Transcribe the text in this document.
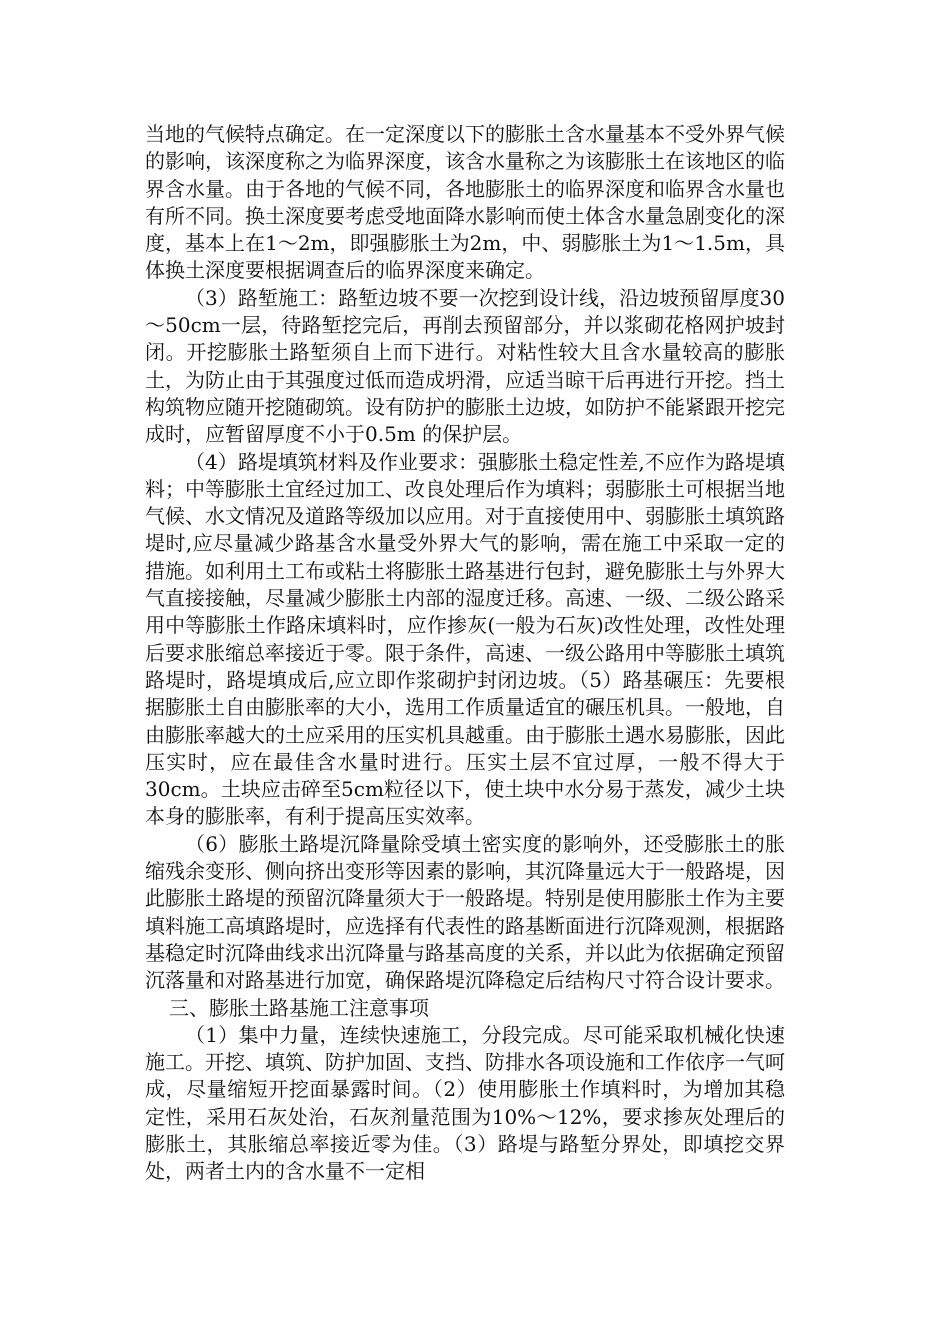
当地的气候特点确定。在一定深度以下的膨胀土含水量基本不受外界气候的影响，该深度称之为临界深度，该含水量称之为该膨胀土在该地区的临界含水量。由于各地的气候不同，各地膨胀土的临界深度和临界含水量也有所不同。换土深度要考虑受地面降水影响而使土体含水量急剧变化的深度，基本上在1～2m，即强膨胀土为2m，中、弱膨胀土为1～1.5m，具体换土深度要根据调查后的临界深度来确定。

（3）路堑施工：路堑边坡不要一次挖到设计线，沿边坡预留厚度30～50cm一层，待路堑挖完后，再削去预留部分，并以浆砌花格网护坡封闭。开挖膨胀土路堑须自上而下进行。对粘性较大且含水量较高的膨胀土，为防止由于其强度过低而造成坍滑，应适当晾干后再进行开挖。挡土构筑物应随开挖随砌筑。设有防护的膨胀土边坡，如防护不能紧跟开挖完成时，应暂留厚度不小于0.5m 的保护层。

（4）路堤填筑材料及作业要求：强膨胀土稳定性差,不应作为路堤填料；中等膨胀土宜经过加工、改良处理后作为填料；弱膨胀土可根据当地气候、水文情况及道路等级加以应用。对于直接使用中、弱膨胀土填筑路堤时,应尽量减少路基含水量受外界大气的影响，需在施工中采取一定的措施。如利用土工布或粘土将膨胀土路基进行包封，避免膨胀土与外界大气直接接触，尽量减少膨胀土内部的湿度迁移。高速、一级、二级公路采用中等膨胀土作路床填料时，应作掺灰(一般为石灰)改性处理，改性处理后要求胀缩总率接近于零。限于条件，高速、一级公路用中等膨胀土填筑路堤时，路堤填成后,应立即作浆砌护封闭边坡。（5）路基碾压：先要根据膨胀土自由膨胀率的大小，选用工作质量适宜的碾压机具。一般地，自由膨胀率越大的土应采用的压实机具越重。由于膨胀土遇水易膨胀，因此压实时，应在最佳含水量时进行。压实土层不宜过厚，一般不得大于30cm。土块应击碎至5cm粒径以下，使土块中水分易于蒸发，减少土块本身的膨胀率，有利于提高压实效率。

（6）膨胀土路堤沉降量除受填土密实度的影响外，还受膨胀土的胀缩残余变形、侧向挤出变形等因素的影响，其沉降量远大于一般路堤，因此膨胀土路堤的预留沉降量须大于一般路堤。特别是使用膨胀土作为主要填料施工高填路堤时，应选择有代表性的路基断面进行沉降观测，根据路基稳定时沉降曲线求出沉降量与路基高度的关系，并以此为依据确定预留沉落量和对路基进行加宽，确保路堤沉降稳定后结构尺寸符合设计要求。

三、膨胀土路基施工注意事项

（1）集中力量，连续快速施工，分段完成。尽可能采取机械化快速施工。开挖、填筑、防护加固、支挡、防排水各项设施和工作依序一气呵成，尽量缩短开挖面暴露时间。（2）使用膨胀土作填料时，为增加其稳定性，采用石灰处治，石灰剂量范围为10%～12%，要求掺灰处理后的膨胀土，其胀缩总率接近零为佳。（3）路堤与路堑分界处，即填挖交界处，两者土内的含水量不一定相
